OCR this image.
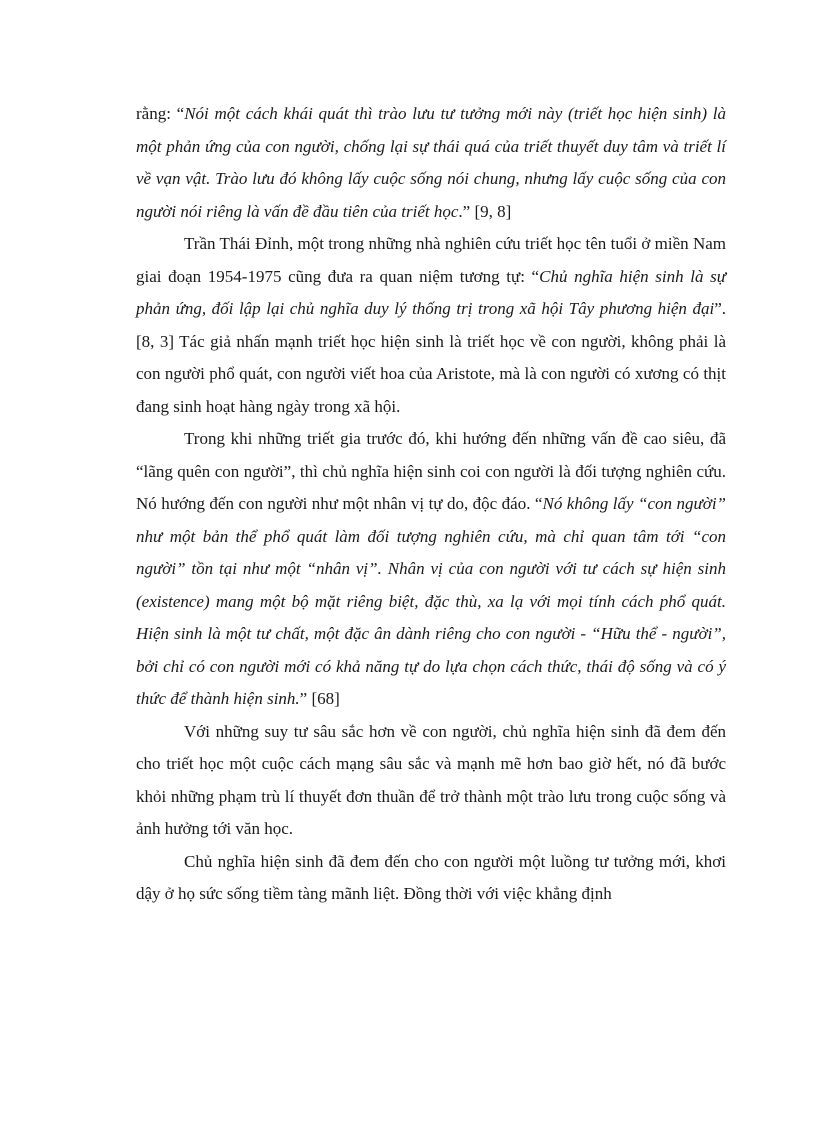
rằng: “Nói một cách khái quát thì trào lưu tư tưởng mới này (triết học hiện sinh) là một phản ứng của con người, chống lại sự thái quá của triết thuyết duy tâm và triết lí về vạn vật. Trào lưu đó không lấy cuộc sống nói chung, nhưng lấy cuộc sống của con người nói riêng là vấn đề đầu tiên của triết học.” [9, 8]

Trần Thái Đỉnh, một trong những nhà nghiên cứu triết học tên tuổi ở miền Nam giai đoạn 1954-1975 cũng đưa ra quan niệm tương tự: “Chủ nghĩa hiện sinh là sự phản ứng, đối lập lại chủ nghĩa duy lý thống trị trong xã hội Tây phương hiện đại”. [8, 3] Tác giả nhấn mạnh triết học hiện sinh là triết học về con người, không phải là con người phổ quát, con người viết hoa của Aristote, mà là con người có xương có thịt đang sinh hoạt hàng ngày trong xã hội.

Trong khi những triết gia trước đó, khi hướng đến những vấn đề cao siêu, đã “lãng quên con người”, thì chủ nghĩa hiện sinh coi con người là đối tượng nghiên cứu. Nó hướng đến con người như một nhân vị tự do, độc đáo. “Nó không lấy “con người” như một bản thể phổ quát làm đối tượng nghiên cứu, mà chỉ quan tâm tới “con người” tồn tại như một “nhân vị”. Nhân vị của con người với tư cách sự hiện sinh (existence) mang một bộ mặt riêng biệt, đặc thù, xa lạ với mọi tính cách phổ quát. Hiện sinh là một tư chất, một đặc ân dành riêng cho con người - “Hữu thể - người”, bởi chỉ có con người mới có khả năng tự do lựa chọn cách thức, thái độ sống và có ý thức để thành hiện sinh.” [68]

Với những suy tư sâu sắc hơn về con người, chủ nghĩa hiện sinh đã đem đến cho triết học một cuộc cách mạng sâu sắc và mạnh mẽ hơn bao giờ hết, nó đã bước khỏi những phạm trù lí thuyết đơn thuần để trở thành một trào lưu trong cuộc sống và ảnh hưởng tới văn học.

Chủ nghĩa hiện sinh đã đem đến cho con người một luồng tư tưởng mới, khơi dậy ở họ sức sống tiềm tàng mãnh liệt. Đồng thời với việc khẳng định
